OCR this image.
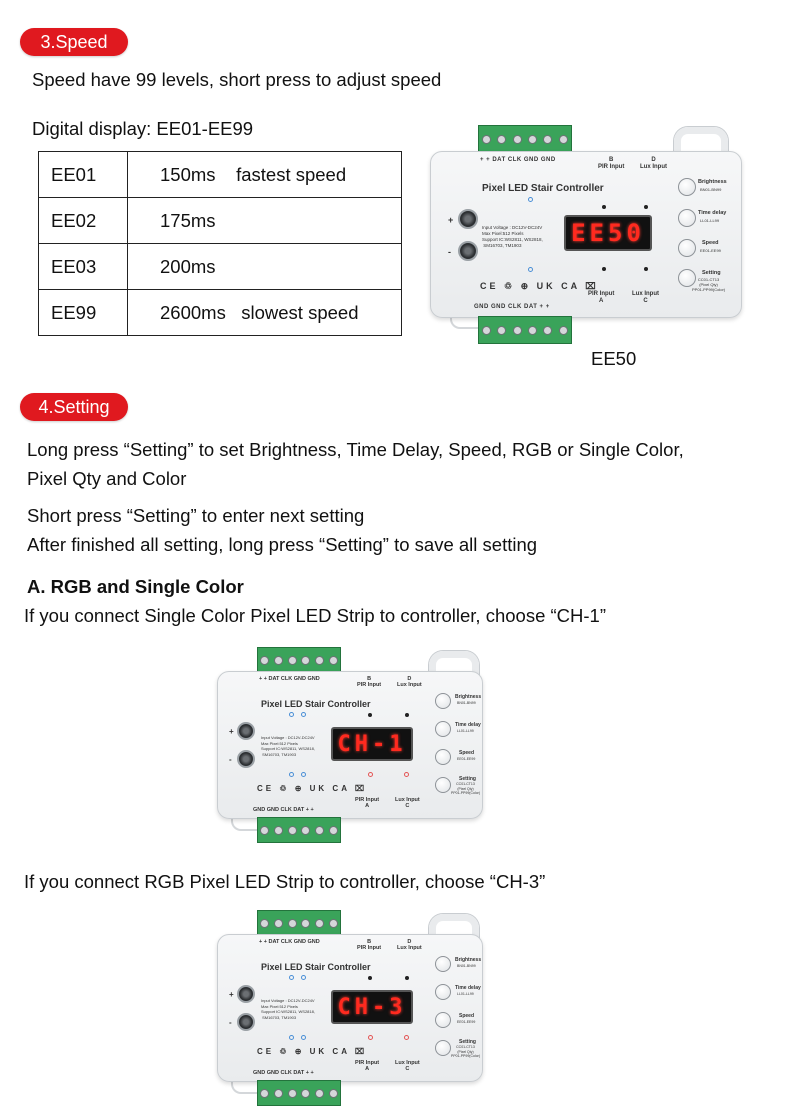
3.Speed
Speed have 99 levels, short press to adjust speed
Digital display: EE01-EE99
EE01	150ms fastest speed
EE02	175ms
EE03	200ms
EE99	2600ms slowest speed
+ + DAT CLK GND GND	B
PIR Input
D
Lux Input
Pixel LED Stair Controller
+
-
Input Voltage : DC12V-DC24V
Max Pixel:512 Pixels
Support IC:WS2811, WS2818,
SM16703, TM1903	EE50
CE ♲ ⊕ UK CA ⌧
PIR Input
A
Lux Input
C
GND GND CLK DAT + +
Brightness
BN01-BN99
Time delay
LL01-LL99
Speed
EE01-EE99
Setting
CC01-CT13
(Pixel Qty)
PP01-PP99(Color)
EE50
4.Setting
Long press “Setting” to set Brightness, Time Delay, Speed, RGB or Single Color,
Pixel Qty and Color
Short press “Setting” to enter next setting
After finished all setting, long press “Setting” to save all setting
A. RGB and Single Color
If you connect Single Color Pixel LED Strip to controller, choose “CH-1”
+ + DAT CLK GND GND	B
PIR Input
D
Lux Input
Pixel LED Stair Controller
+
-
Input Voltage : DC12V-DC24V
Max Pixel:512 Pixels
Support IC:WS2811, WS2818,
SM16703, TM1903	CH-1
CE ♲ ⊕ UK CA ⌧
PIR Input
A
Lux Input
C
GND GND CLK DAT + +
Brightness
BN01-BN99
Time delay
LL01-LL99
Speed
EE01-EE99
Setting
CC01-CT13
(Pixel Qty)
PP01-PP99(Color)
If you connect RGB Pixel LED Strip to controller, choose “CH-3”
+ + DAT CLK GND GND	B
PIR Input
D
Lux Input
Pixel LED Stair Controller
+
-
Input Voltage : DC12V-DC24V
Max Pixel:512 Pixels
Support IC:WS2811, WS2818,
SM16703, TM1903	CH-3
CE ♲ ⊕ UK CA ⌧
PIR Input
A
Lux Input
C
GND GND CLK DAT + +
Brightness
BN01-BN99
Time delay
LL01-LL99
Speed
EE01-EE99
Setting
CC01-CT13
(Pixel Qty)
PP01-PP99(Color)
